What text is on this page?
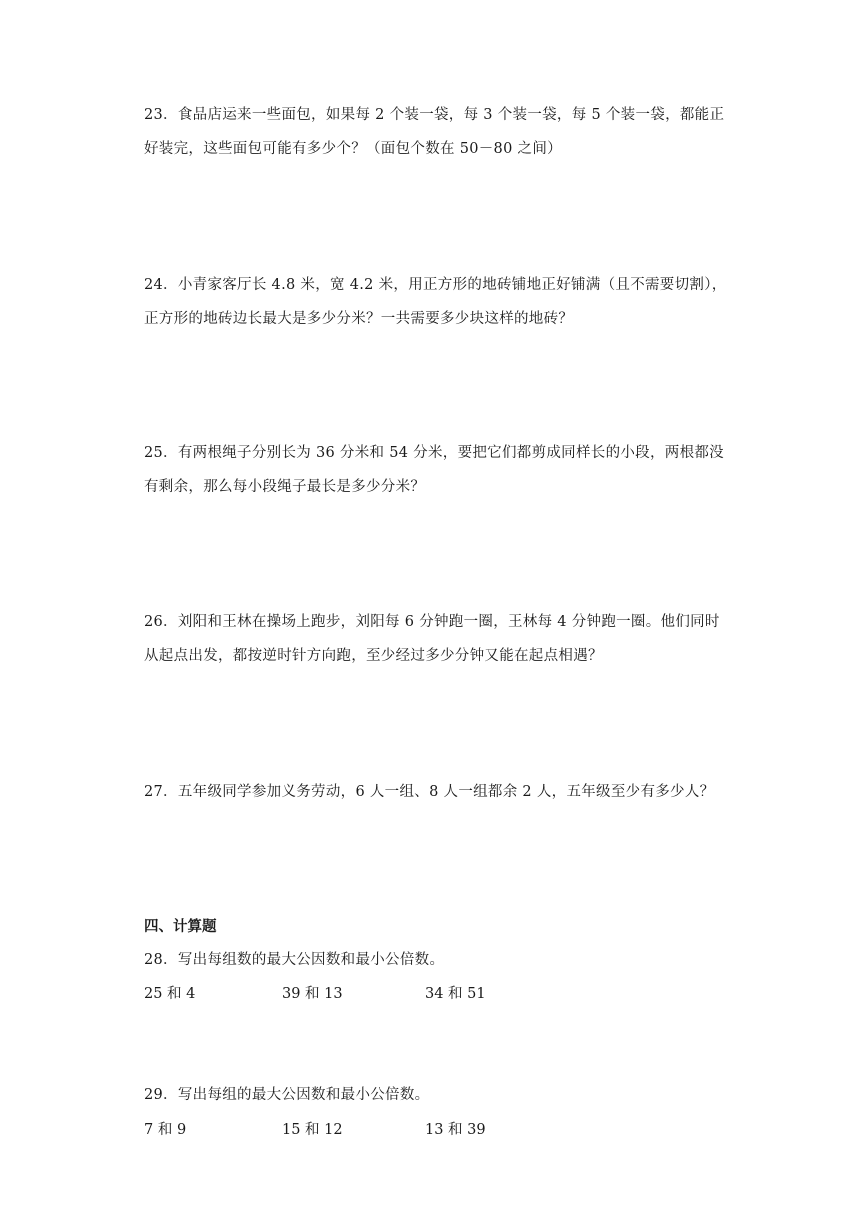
23．食品店运来一些面包，如果每 2 个装一袋，每 3 个装一袋，每 5 个装一袋，都能正

好装完，这些面包可能有多少个？（面包个数在 50－80 之间）

24．小青家客厅长 4.8 米，宽 4.2 米，用正方形的地砖铺地正好铺满（且不需要切割），

正方形的地砖边长最大是多少分米？一共需要多少块这样的地砖？

25．有两根绳子分别长为 36 分米和 54 分米，要把它们都剪成同样长的小段，两根都没

有剩余，那么每小段绳子最长是多少分米？

26．刘阳和王林在操场上跑步，刘阳每 6 分钟跑一圈，王林每 4 分钟跑一圈。他们同时

从起点出发，都按逆时针方向跑，至少经过多少分钟又能在起点相遇？

27．五年级同学参加义务劳动，6 人一组、8 人一组都余 2 人，五年级至少有多少人？

四、计算题
28．写出每组数的最大公因数和最小公倍数。
25 和 4	39 和 13	34 和 51
29．写出每组的最大公因数和最小公倍数。
7 和 9	15 和 12	13 和 39
